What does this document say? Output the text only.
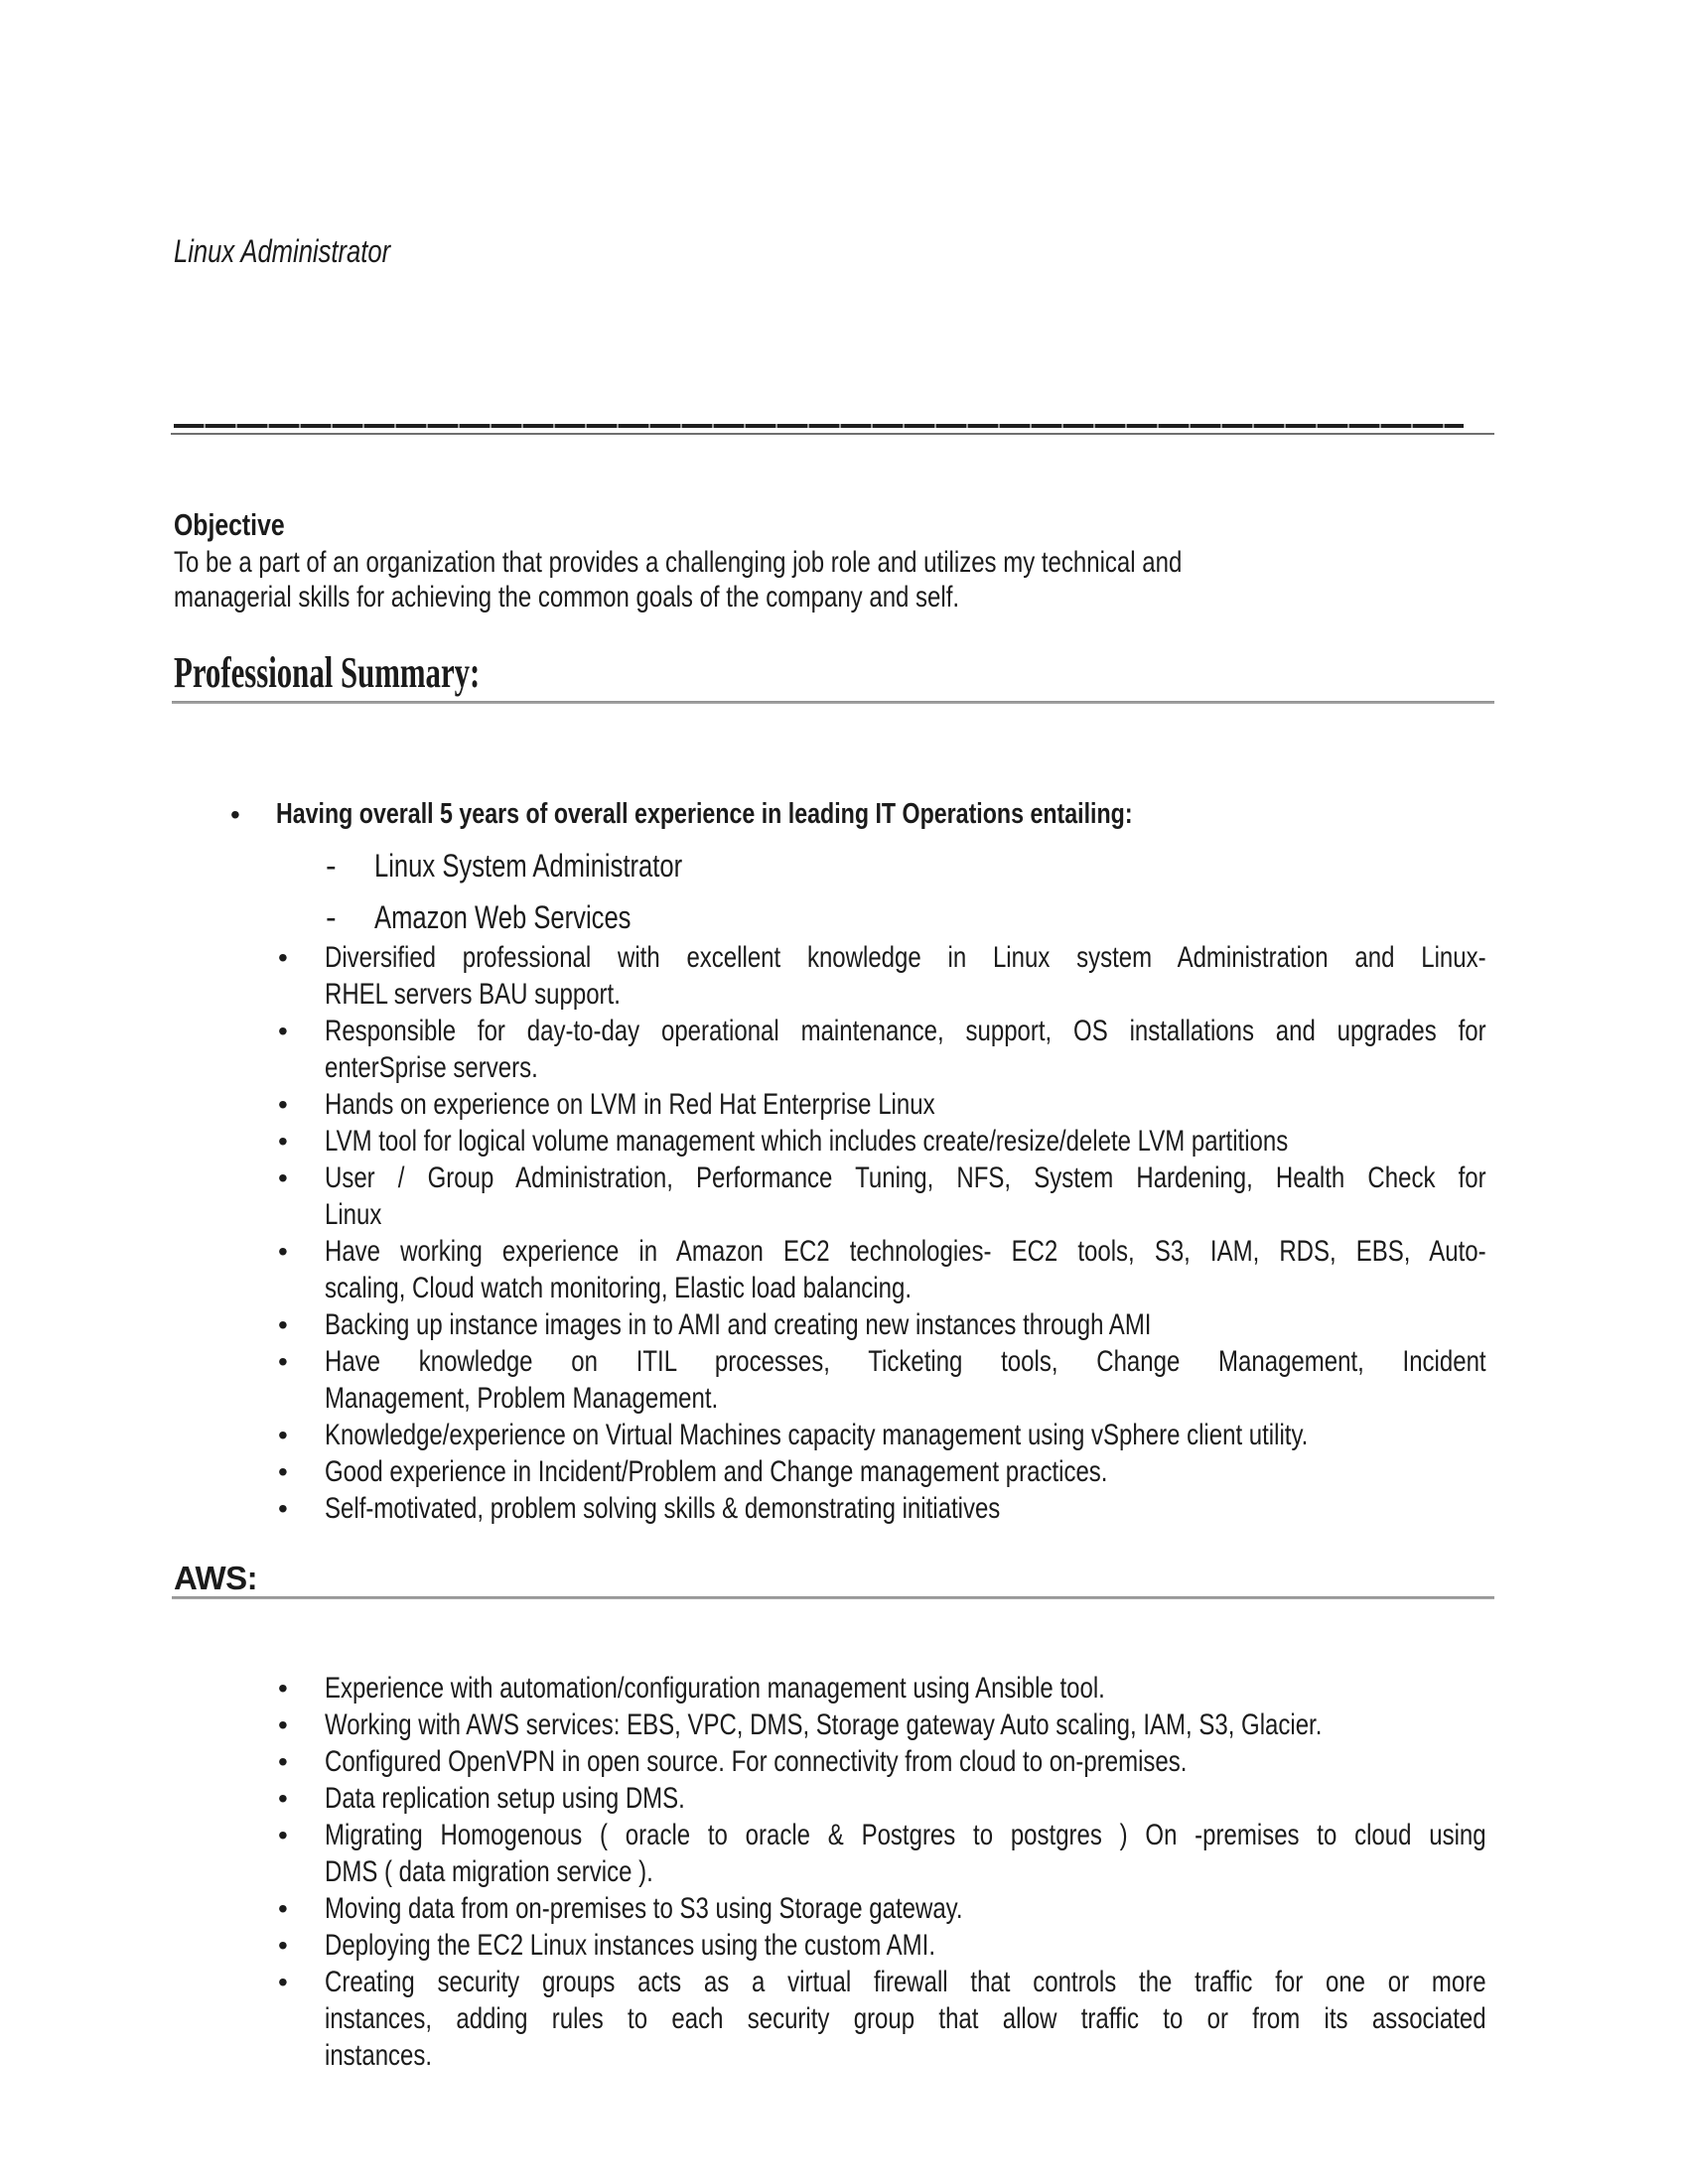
Linux Administrator
Objective
To be a part of an organization that provides a challenging job role and utilizes my technical and
managerial skills for achieving the common goals of the company and self.
Professional Summary:
• Having overall 5 years of overall experience in leading IT Operations entailing:
- Linux System Administrator
- Amazon Web Services
• Diversified professional with excellent knowledge in Linux system Administration and Linux-
RHEL servers BAU support.
• Responsible for day-to-day operational maintenance, support, OS installations and upgrades for
enterSprise servers.
• Hands on experience on LVM in Red Hat Enterprise Linux
• LVM tool for logical volume management which includes create/resize/delete LVM partitions
• User / Group Administration, Performance Tuning, NFS, System Hardening, Health Check for
Linux
• Have working experience in Amazon EC2 technologies- EC2 tools, S3, IAM, RDS, EBS, Auto-
scaling, Cloud watch monitoring, Elastic load balancing.
• Backing up instance images in to AMI and creating new instances through AMI
• Have knowledge on ITIL processes, Ticketing tools, Change Management, Incident
Management, Problem Management.
• Knowledge/experience on Virtual Machines capacity management using vSphere client utility.
• Good experience in Incident/Problem and Change management practices.
• Self-motivated, problem solving skills & demonstrating initiatives
AWS:
• Experience with automation/configuration management using Ansible tool.
• Working with AWS services: EBS, VPC, DMS, Storage gateway Auto scaling, IAM, S3, Glacier.
• Configured OpenVPN in open source. For connectivity from cloud to on-premises.
• Data replication setup using DMS.
• Migrating Homogenous ( oracle to oracle & Postgres to postgres ) On -premises to cloud using
DMS ( data migration service ).
• Moving data from on-premises to S3 using Storage gateway.
• Deploying the EC2 Linux instances using the custom AMI.
• Creating security groups acts as a virtual firewall that controls the traffic for one or more
instances, adding rules to each security group that allow traffic to or from its associated
instances.
